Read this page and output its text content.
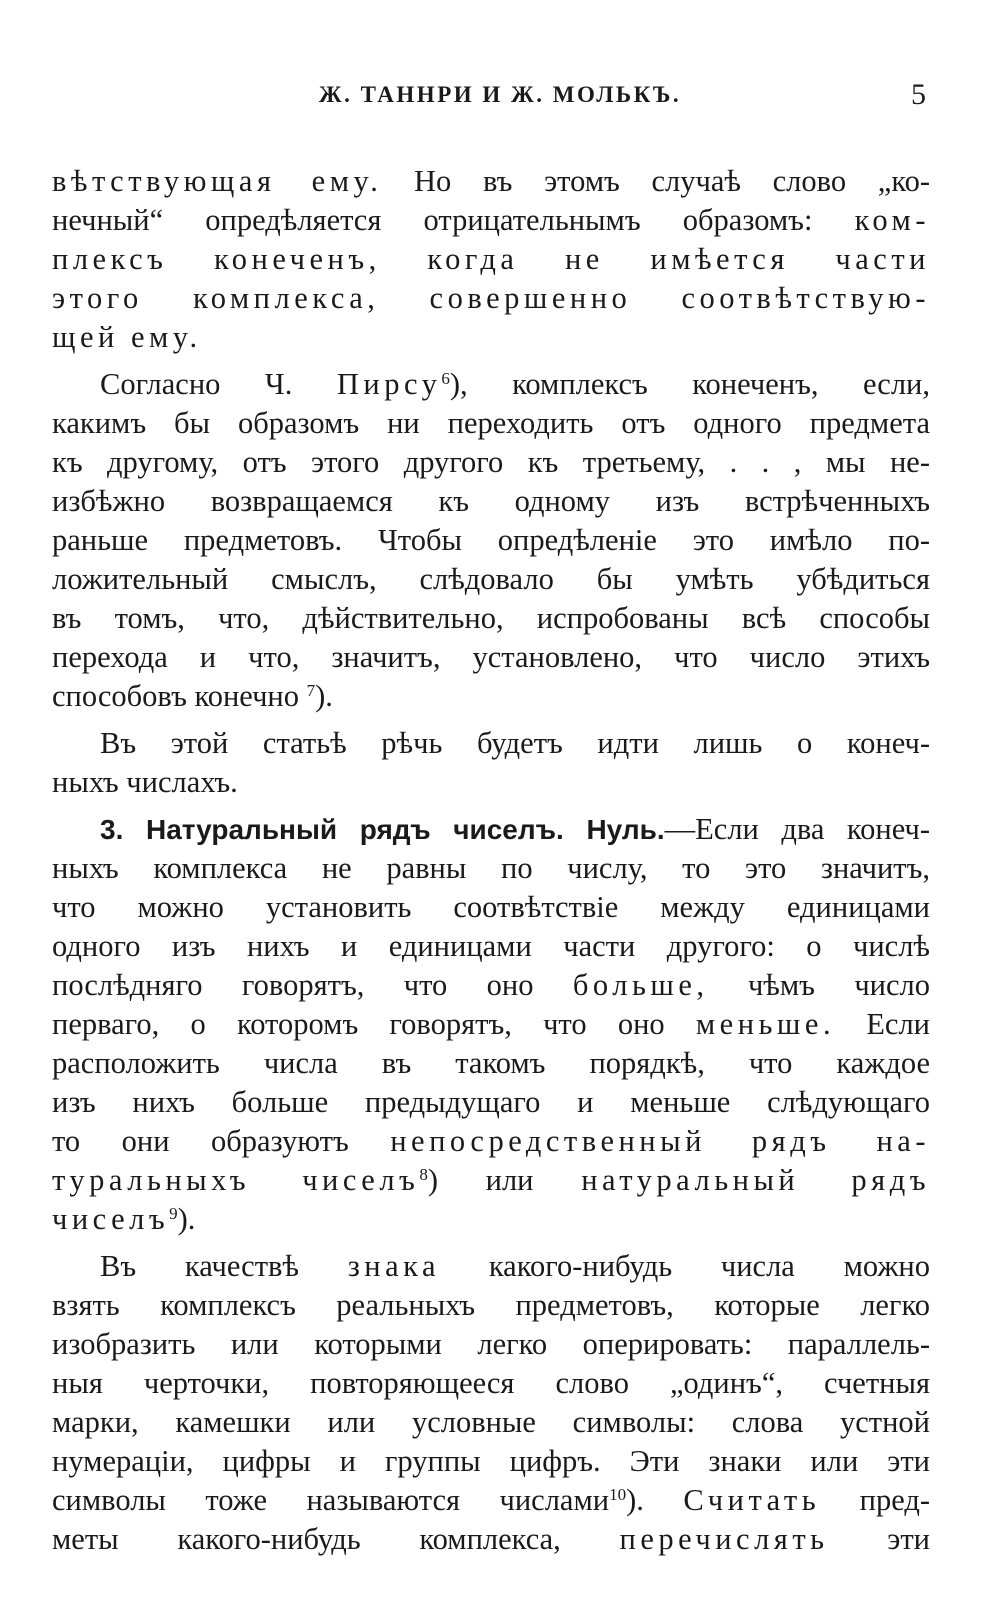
Ж. ТАННРИ И Ж. МОЛЬКЪ.	5
вѣтствующая ему. Но въ этомъ случаѣ слово „ко-
нечный“ опредѣляется отрицательнымъ образомъ: ком-
плексъ конеченъ, когда не имѣется части
этого комплекса, совершенно соотвѣтствую-
щей ему.
Согласно Ч. Пирсу$^6$), комплексъ конеченъ, если,
какимъ бы образомъ ни переходить отъ одного предмета
къ другому, отъ этого другого къ третьему, . . , мы не-
избѣжно возвращаемся къ одному изъ встрѣченныхъ
раньше предметовъ. Чтобы опредѣленіе это имѣло по-
ложительный смыслъ, слѣдовало бы умѣть убѣдиться
въ томъ, что, дѣйствительно, испробованы всѣ способы
перехода и что, значитъ, установлено, что число этихъ
способовъ конечно $^7$).
Въ этой статьѣ рѣчь будетъ идти лишь о конеч-
ныхъ числахъ.
3. Натуральный рядъ чиселъ. Нуль.—Если два конеч-
ныхъ комплекса не равны по числу, то это значитъ,
что можно установить соотвѣтствіе между единицами
одного изъ нихъ и единицами части другого: о числѣ
послѣдняго говорятъ, что оно больше, чѣмъ число
перваго, о которомъ говорятъ, что оно меньше. Если
расположить числа въ такомъ порядкѣ, что каждое
изъ нихъ больше предыдущаго и меньше слѣдующаго
то они образуютъ непосредственный рядъ на-
туральныхъ чиселъ$^8$) или натуральный рядъ
чиселъ$^9$).
Въ качествѣ знака какого-нибудь числа можно
взять комплексъ реальныхъ предметовъ, которые легко
изобразить или которыми легко оперировать: параллель-
ныя черточки, повторяющееся слово „одинъ“, счетныя
марки, камешки или условные символы: слова устной
нумераціи, цифры и группы цифръ. Эти знаки или эти
символы тоже называются числами$^{10}$). Считать пред-
меты какого-нибудь комплекса, перечислять эти
